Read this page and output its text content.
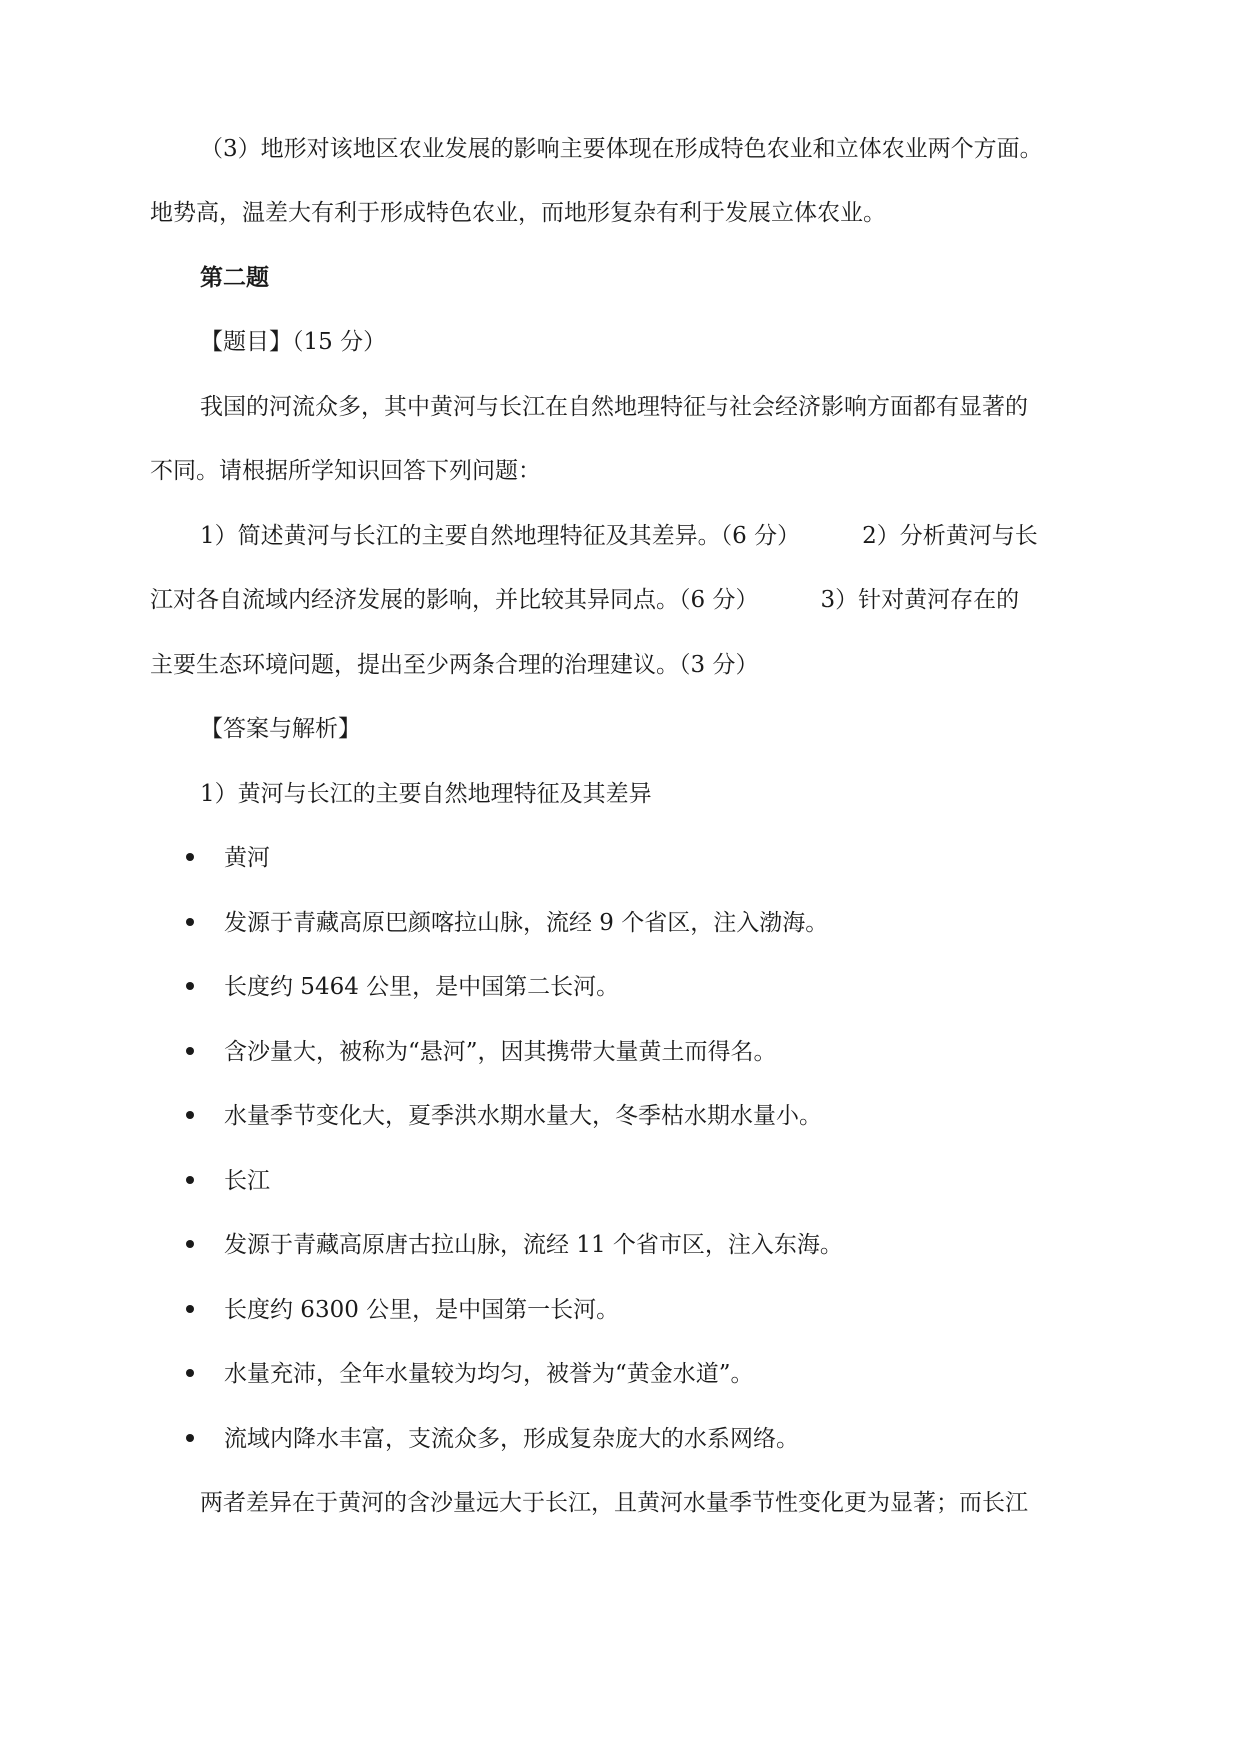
（3）地形对该地区农业发展的影响主要体现在形成特色农业和立体农业两个方面。
地势高，温差大有利于形成特色农业，而地形复杂有利于发展立体农业。
第二题
【题目】（15 分）
我国的河流众多，其中黄河与长江在自然地理特征与社会经济影响方面都有显著的
不同。请根据所学知识回答下列问题：
1）简述黄河与长江的主要自然地理特征及其差异。（6 分）	2）分析黄河与长
江对各自流域内经济发展的影响，并比较其异同点。（6 分）	3）针对黄河存在的
主要生态环境问题，提出至少两条合理的治理建议。（3 分）
【答案与解析】
1）黄河与长江的主要自然地理特征及其差异
黄河
发源于青藏高原巴颜喀拉山脉，流经 9 个省区，注入渤海。
长度约 5464 公里，是中国第二长河。
含沙量大，被称为“悬河”，因其携带大量黄土而得名。
水量季节变化大，夏季洪水期水量大，冬季枯水期水量小。
长江
发源于青藏高原唐古拉山脉，流经 11 个省市区，注入东海。
长度约 6300 公里，是中国第一长河。
水量充沛，全年水量较为均匀，被誉为“黄金水道”。
流域内降水丰富，支流众多，形成复杂庞大的水系网络。
两者差异在于黄河的含沙量远大于长江，且黄河水量季节性变化更为显著；而长江
